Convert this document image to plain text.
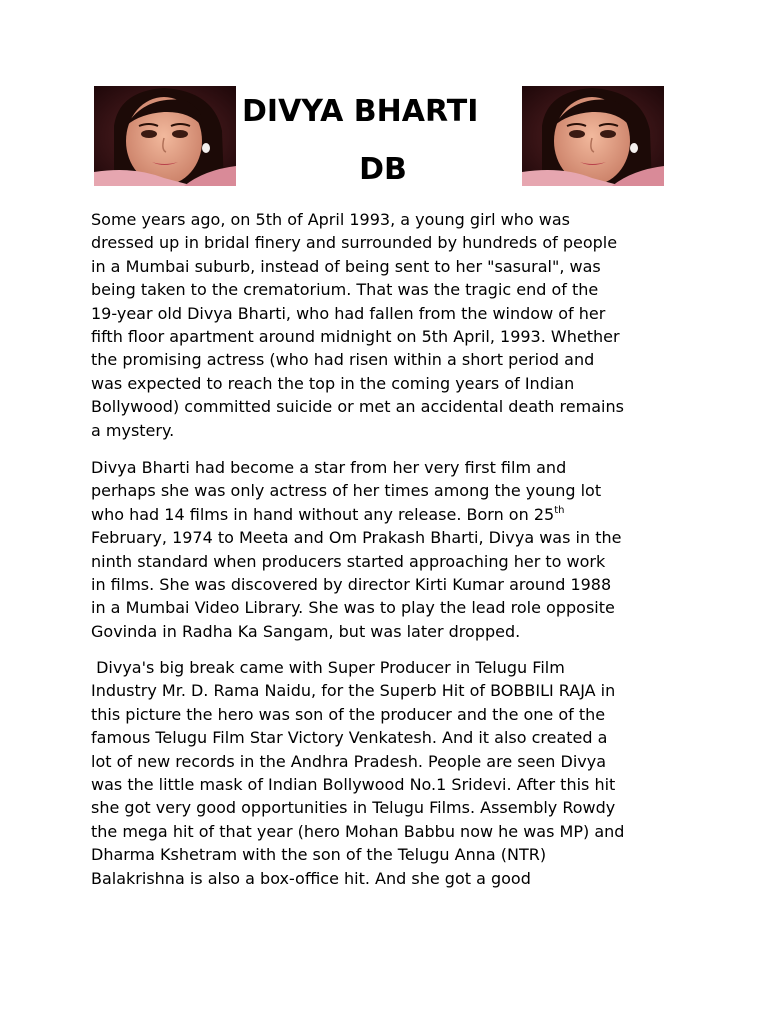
DIVYA BHARTI
DB
Some years ago, on 5th of April 1993, a young girl who was
dressed up in bridal finery and surrounded by hundreds of people
in a Mumbai suburb, instead of being sent to her "sasural", was
being taken to the crematorium. That was the tragic end of the
19-year old Divya Bharti, who had fallen from the window of her
fifth floor apartment around midnight on 5th April, 1993. Whether
the promising actress (who had risen within a short period and
was expected to reach the top in the coming years of Indian
Bollywood) committed suicide or met an accidental death remains
a mystery.
Divya Bharti had become a star from her very first film and
perhaps she was only actress of her times among the young lot
who had 14 films in hand without any release. Born on 25th
February, 1974 to Meeta and Om Prakash Bharti, Divya was in the
ninth standard when producers started approaching her to work
in films. She was discovered by director Kirti Kumar around 1988
in a Mumbai Video Library. She was to play the lead role opposite
Govinda in Radha Ka Sangam, but was later dropped.
Divya's big break came with Super Producer in Telugu Film
Industry Mr. D. Rama Naidu, for the Superb Hit of BOBBILI RAJA in
this picture the hero was son of the producer and the one of the
famous Telugu Film Star Victory Venkatesh. And it also created a
lot of new records in the Andhra Pradesh. People are seen Divya
was the little mask of Indian Bollywood No.1 Sridevi. After this hit
she got very good opportunities in Telugu Films. Assembly Rowdy
the mega hit of that year (hero Mohan Babbu now he was MP) and
Dharma Kshetram with the son of the Telugu Anna (NTR)
Balakrishna is also a box-office hit. And she got a good
